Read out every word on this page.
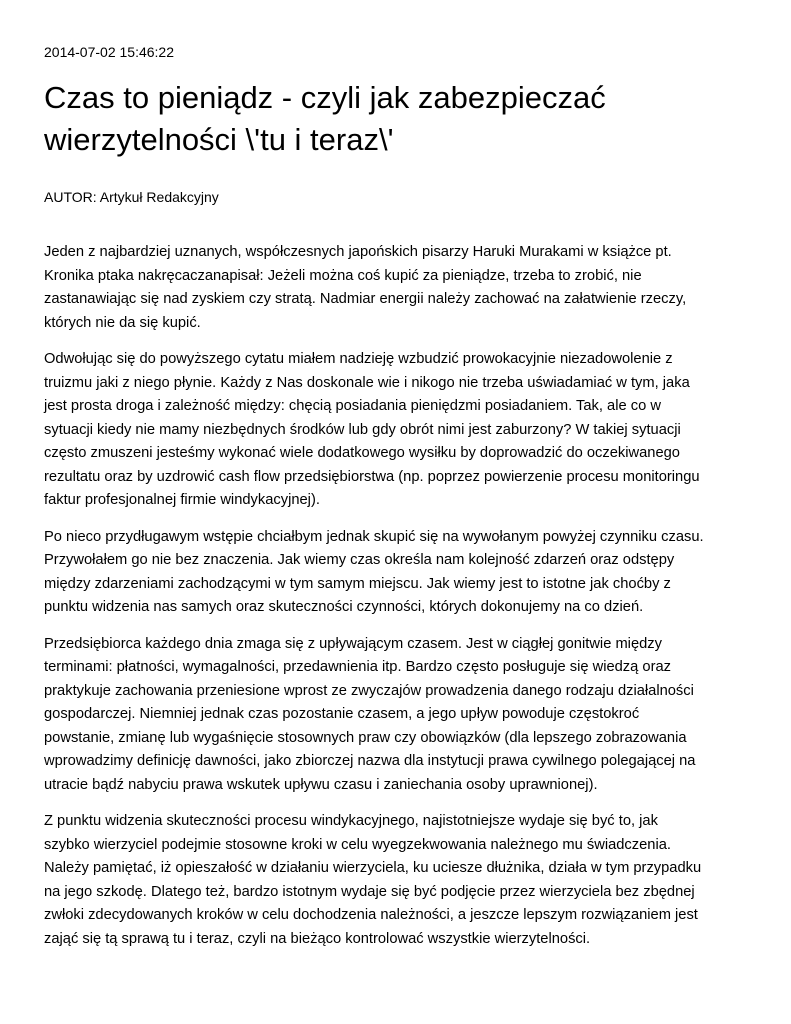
2014-07-02 15:46:22
Czas to pieniądz - czyli jak zabezpieczać
wierzytelności \'tu i teraz\'
AUTOR: Artykuł Redakcyjny

Jeden z najbardziej uznanych, współczesnych japońskich pisarzy Haruki Murakami w książce pt.
Kronika ptaka nakręcaczanapisał: Jeżeli można coś kupić za pieniądze, trzeba to zrobić, nie
zastanawiając się nad zyskiem czy stratą. Nadmiar energii należy zachować na załatwienie rzeczy,
których nie da się kupić.

Odwołując się do powyższego cytatu miałem nadzieję wzbudzić prowokacyjnie niezadowolenie z
truizmu jaki z niego płynie. Każdy z Nas doskonale wie i nikogo nie trzeba uświadamiać w tym, jaka
jest prosta droga i zależność między: chęcią posiadania pieniędzmi posiadaniem. Tak, ale co w
sytuacji kiedy nie mamy niezbędnych środków lub gdy obrót nimi jest zaburzony? W takiej sytuacji
często zmuszeni jesteśmy wykonać wiele dodatkowego wysiłku by doprowadzić do oczekiwanego
rezultatu oraz by uzdrowić cash flow przedsiębiorstwa (np. poprzez powierzenie procesu monitoringu
faktur profesjonalnej firmie windykacyjnej).

Po nieco przydługawym wstępie chciałbym jednak skupić się na wywołanym powyżej czynniku czasu.
Przywołałem go nie bez znaczenia. Jak wiemy czas określa nam kolejność zdarzeń oraz odstępy
między zdarzeniami zachodzącymi w tym samym miejscu. Jak wiemy jest to istotne jak choćby z
punktu widzenia nas samych oraz skuteczności czynności, których dokonujemy na co dzień.

Przedsiębiorca każdego dnia zmaga się z upływającym czasem. Jest w ciągłej gonitwie między
terminami: płatności, wymagalności, przedawnienia itp. Bardzo często posługuje się wiedzą oraz
praktykuje zachowania przeniesione wprost ze zwyczajów prowadzenia danego rodzaju działalności
gospodarczej. Niemniej jednak czas pozostanie czasem, a jego upływ powoduje częstokroć
powstanie, zmianę lub wygaśnięcie stosownych praw czy obowiązków (dla lepszego zobrazowania
wprowadzimy definicję dawności, jako zbiorczej nazwa dla instytucji prawa cywilnego polegającej na
utracie bądź nabyciu prawa wskutek upływu czasu i zaniechania osoby uprawnionej).

Z punktu widzenia skuteczności procesu windykacyjnego, najistotniejsze wydaje się być to, jak
szybko wierzyciel podejmie stosowne kroki w celu wyegzekwowania należnego mu świadczenia.
Należy pamiętać, iż opieszałość w działaniu wierzyciela, ku uciesze dłużnika, działa w tym przypadku
na jego szkodę. Dlatego też, bardzo istotnym wydaje się być podjęcie przez wierzyciela bez zbędnej
zwłoki zdecydowanych kroków w celu dochodzenia należności, a jeszcze lepszym rozwiązaniem jest
zająć się tą sprawą tu i teraz, czyli na bieżąco kontrolować wszystkie wierzytelności.
